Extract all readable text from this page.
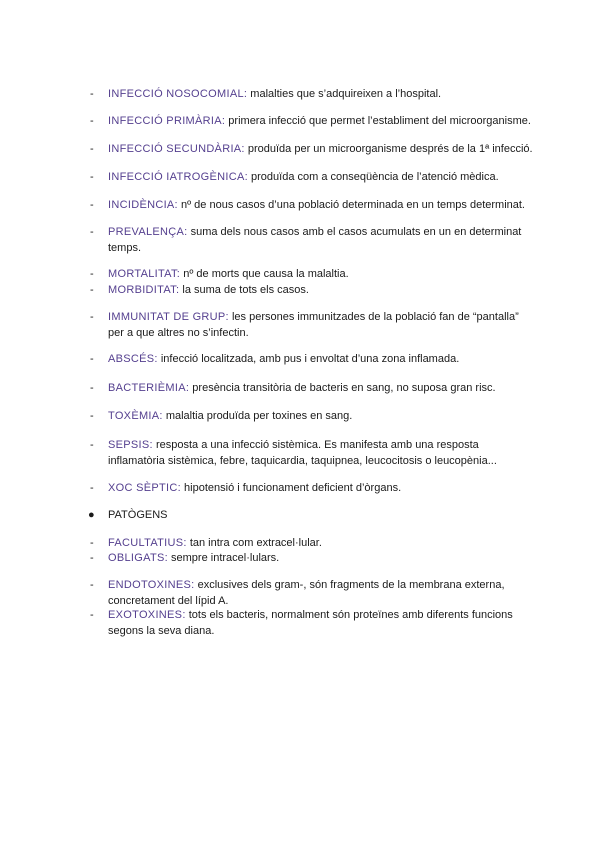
-	INFECCIÓ NOSOCOMIAL: malalties que s’adquireixen a l’hospital.
-	INFECCIÓ PRIMÀRIA: primera infecció que permet l’establiment del microorganisme.
-	INFECCIÓ SECUNDÀRIA: produïda per un microorganisme després de la 1ª infecció.
-	INFECCIÓ IATROGÈNICA: produïda com a conseqüència de l’atenció mèdica.
-	INCIDÈNCIA: nº de nous casos d’una població determinada en un temps determinat.
-	PREVALENÇA: suma dels nous casos amb el casos acumulats en un en determinat temps.
-	MORTALITAT: nº de morts que causa la malaltia.
-	MORBIDITAT: la suma de tots els casos.
-	IMMUNITAT DE GRUP: les persones immunitzades de la població fan de “pantalla” per a que altres no s’infectin.
-	ABSCÉS: infecció localitzada, amb pus i envoltat d’una zona inflamada.
-	BACTERIÈMIA: presència transitòria de bacteris en sang, no suposa gran risc.
-	TOXÈMIA: malaltia produïda per toxines en sang.
-	SEPSIS: resposta a una infecció sistèmica. Es manifesta amb una resposta inflamatòria sistèmica, febre, taquicardia, taquipnea, leucocitosis o leucopènia...
-	XOC SÈPTIC: hipotensió i funcionament deficient d’òrgans.
● PATÒGENS
-	FACULTATIUS: tan intra com extracel·lular.
-	OBLIGATS: sempre intracel·lulars.
-	ENDOTOXINES: exclusives dels gram-, són fragments de la membrana externa, concretament del lípid A.
-	EXOTOXINES: tots els bacteris, normalment són proteïnes amb diferents funcions segons la seva diana.
